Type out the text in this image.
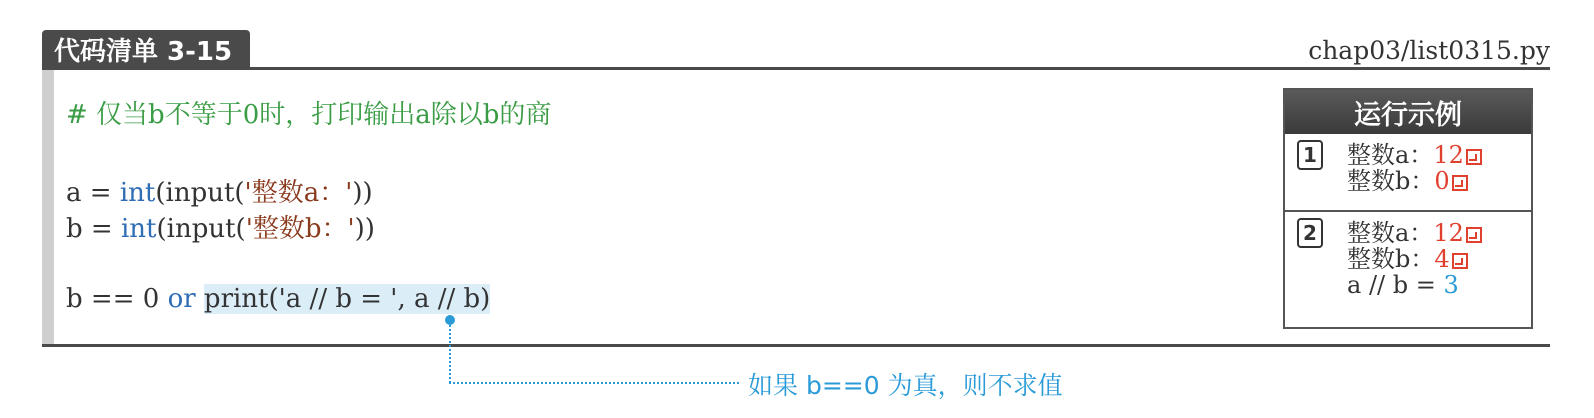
代码清单 3-15	chap03/list0315.py
# 仅当b不等于0时，打印输出a除以b的商
a = int(input('整数a：'))
b = int(input('整数b：'))
b == 0 or print('a // b = ', a // b)
如果 b==0 为真，则不求值
运行示例
1 整数a：12
整数b：0
2 整数a：12
整数b：4
a // b = 3
